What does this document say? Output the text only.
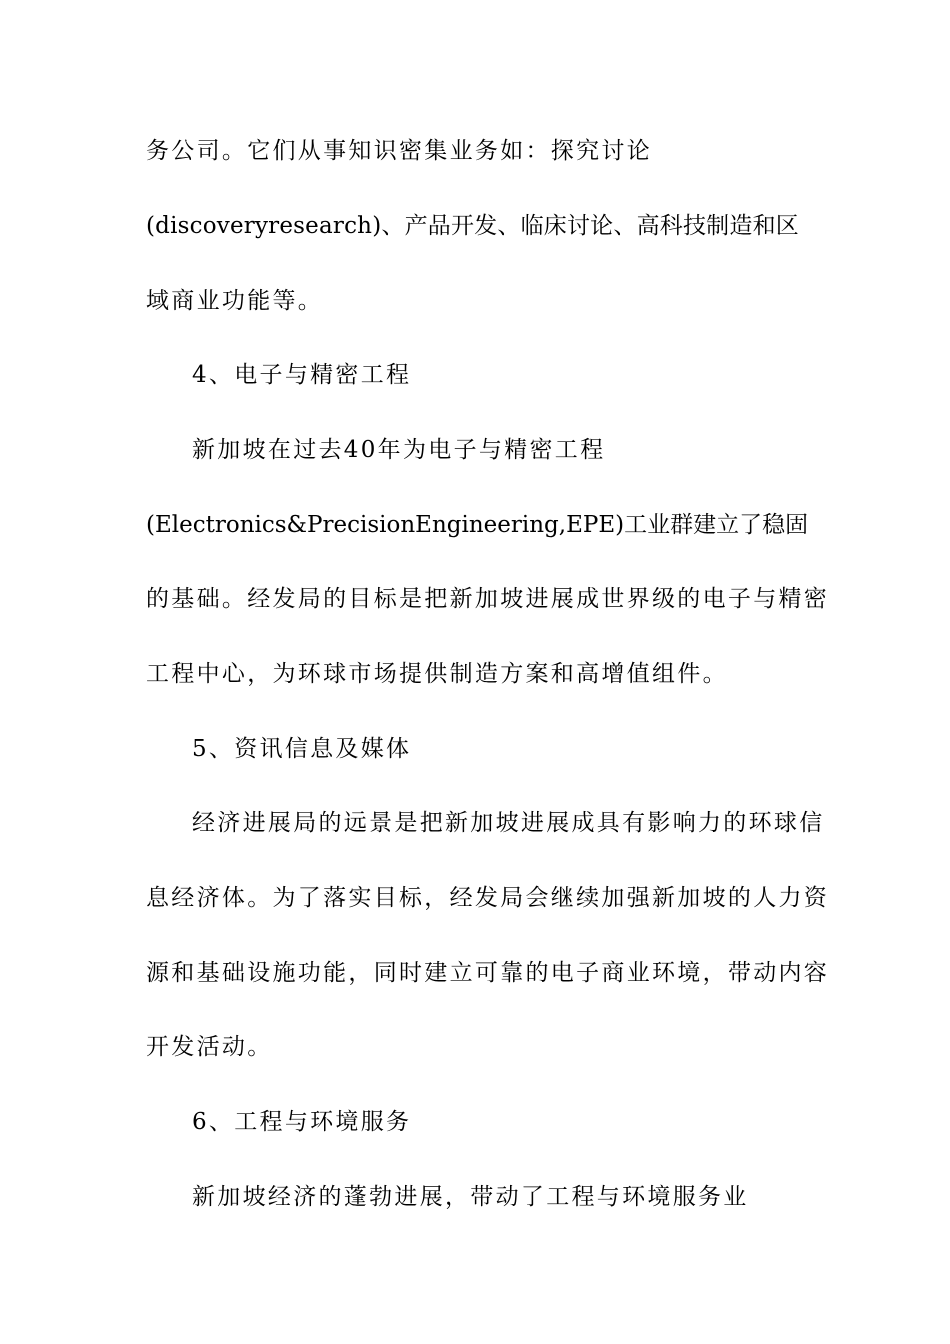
务公司。它们从事知识密集业务如：探究讨论
(discoveryresearch)、产品开发、临床讨论、高科技制造和区
域商业功能等。
4、电子与精密工程
新加坡在过去40年为电子与精密工程
(Electronics&PrecisionEngineering,EPE)工业群建立了稳固
的基础。经发局的目标是把新加坡进展成世界级的电子与精密
工程中心，为环球市场提供制造方案和高增值组件。
5、资讯信息及媒体
经济进展局的远景是把新加坡进展成具有影响力的环球信
息经济体。为了落实目标，经发局会继续加强新加坡的人力资
源和基础设施功能，同时建立可靠的电子商业环境，带动内容
开发活动。
6、工程与环境服务
新加坡经济的蓬勃进展，带动了工程与环境服务业
